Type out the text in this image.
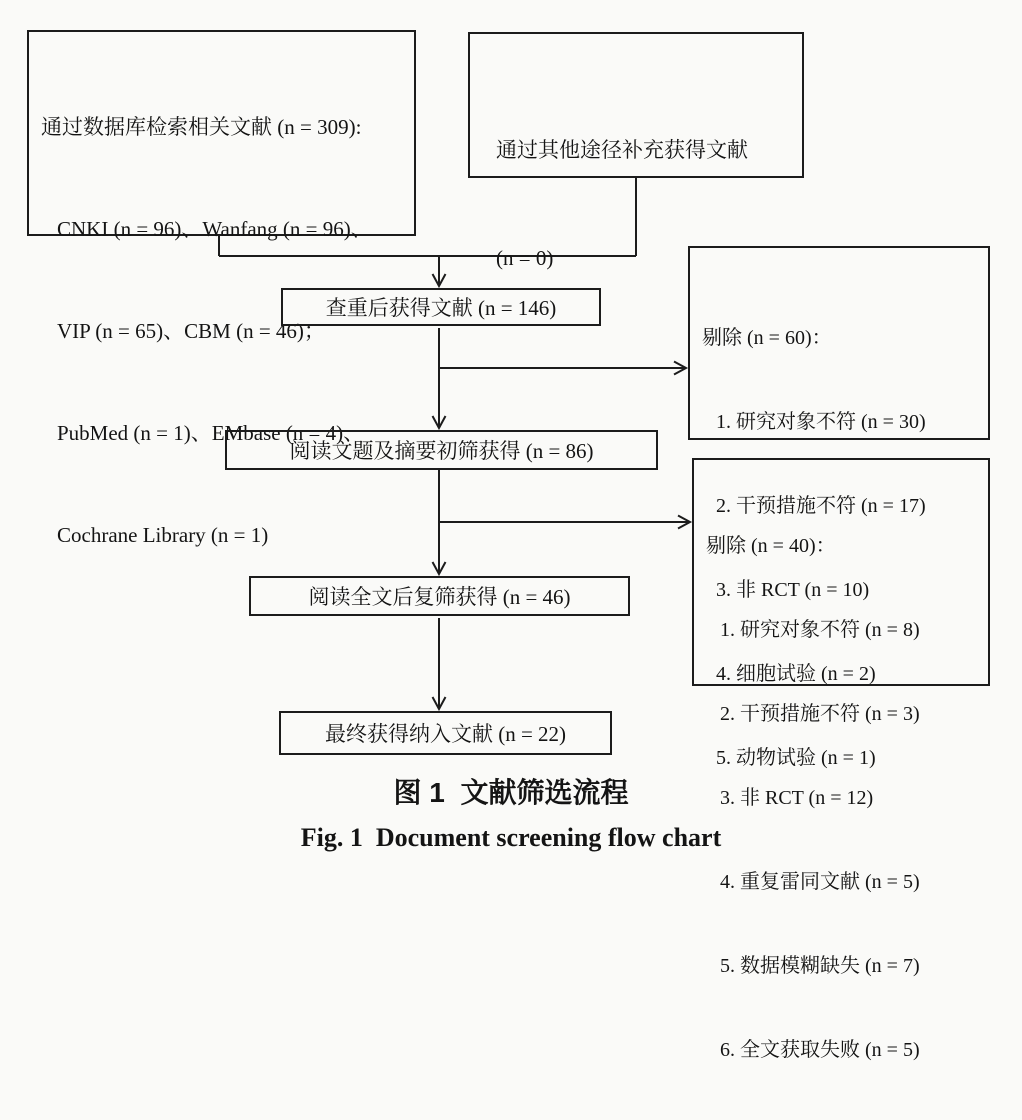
通过数据库检索相关文献 (n = 309):

CNKI (n = 96)、Wanfang (n = 96)、

VIP (n = 65)、CBM (n = 46)；

PubMed (n = 1)、EMbase (n = 4)、

Cochrane Library (n = 1)

通过其他途径补充获得文献

(n = 0)

查重后获得文献 (n = 146)

剔除 (n = 60)：

1. 研究对象不符 (n = 30)

2. 干预措施不符 (n = 17)

3. 非 RCT (n = 10)

4. 细胞试验 (n = 2)

5. 动物试验 (n = 1)

阅读文题及摘要初筛获得 (n = 86)

剔除 (n = 40)：

1. 研究对象不符 (n = 8)

2. 干预措施不符 (n = 3)

3. 非 RCT (n = 12)

4. 重复雷同文献 (n = 5)

5. 数据模糊缺失 (n = 7)

6. 全文获取失败 (n = 5)

阅读全文后复筛获得 (n = 46)
最终获得纳入文献 (n = 22)
图 1  文献筛选流程
Fig. 1  Document screening flow chart
